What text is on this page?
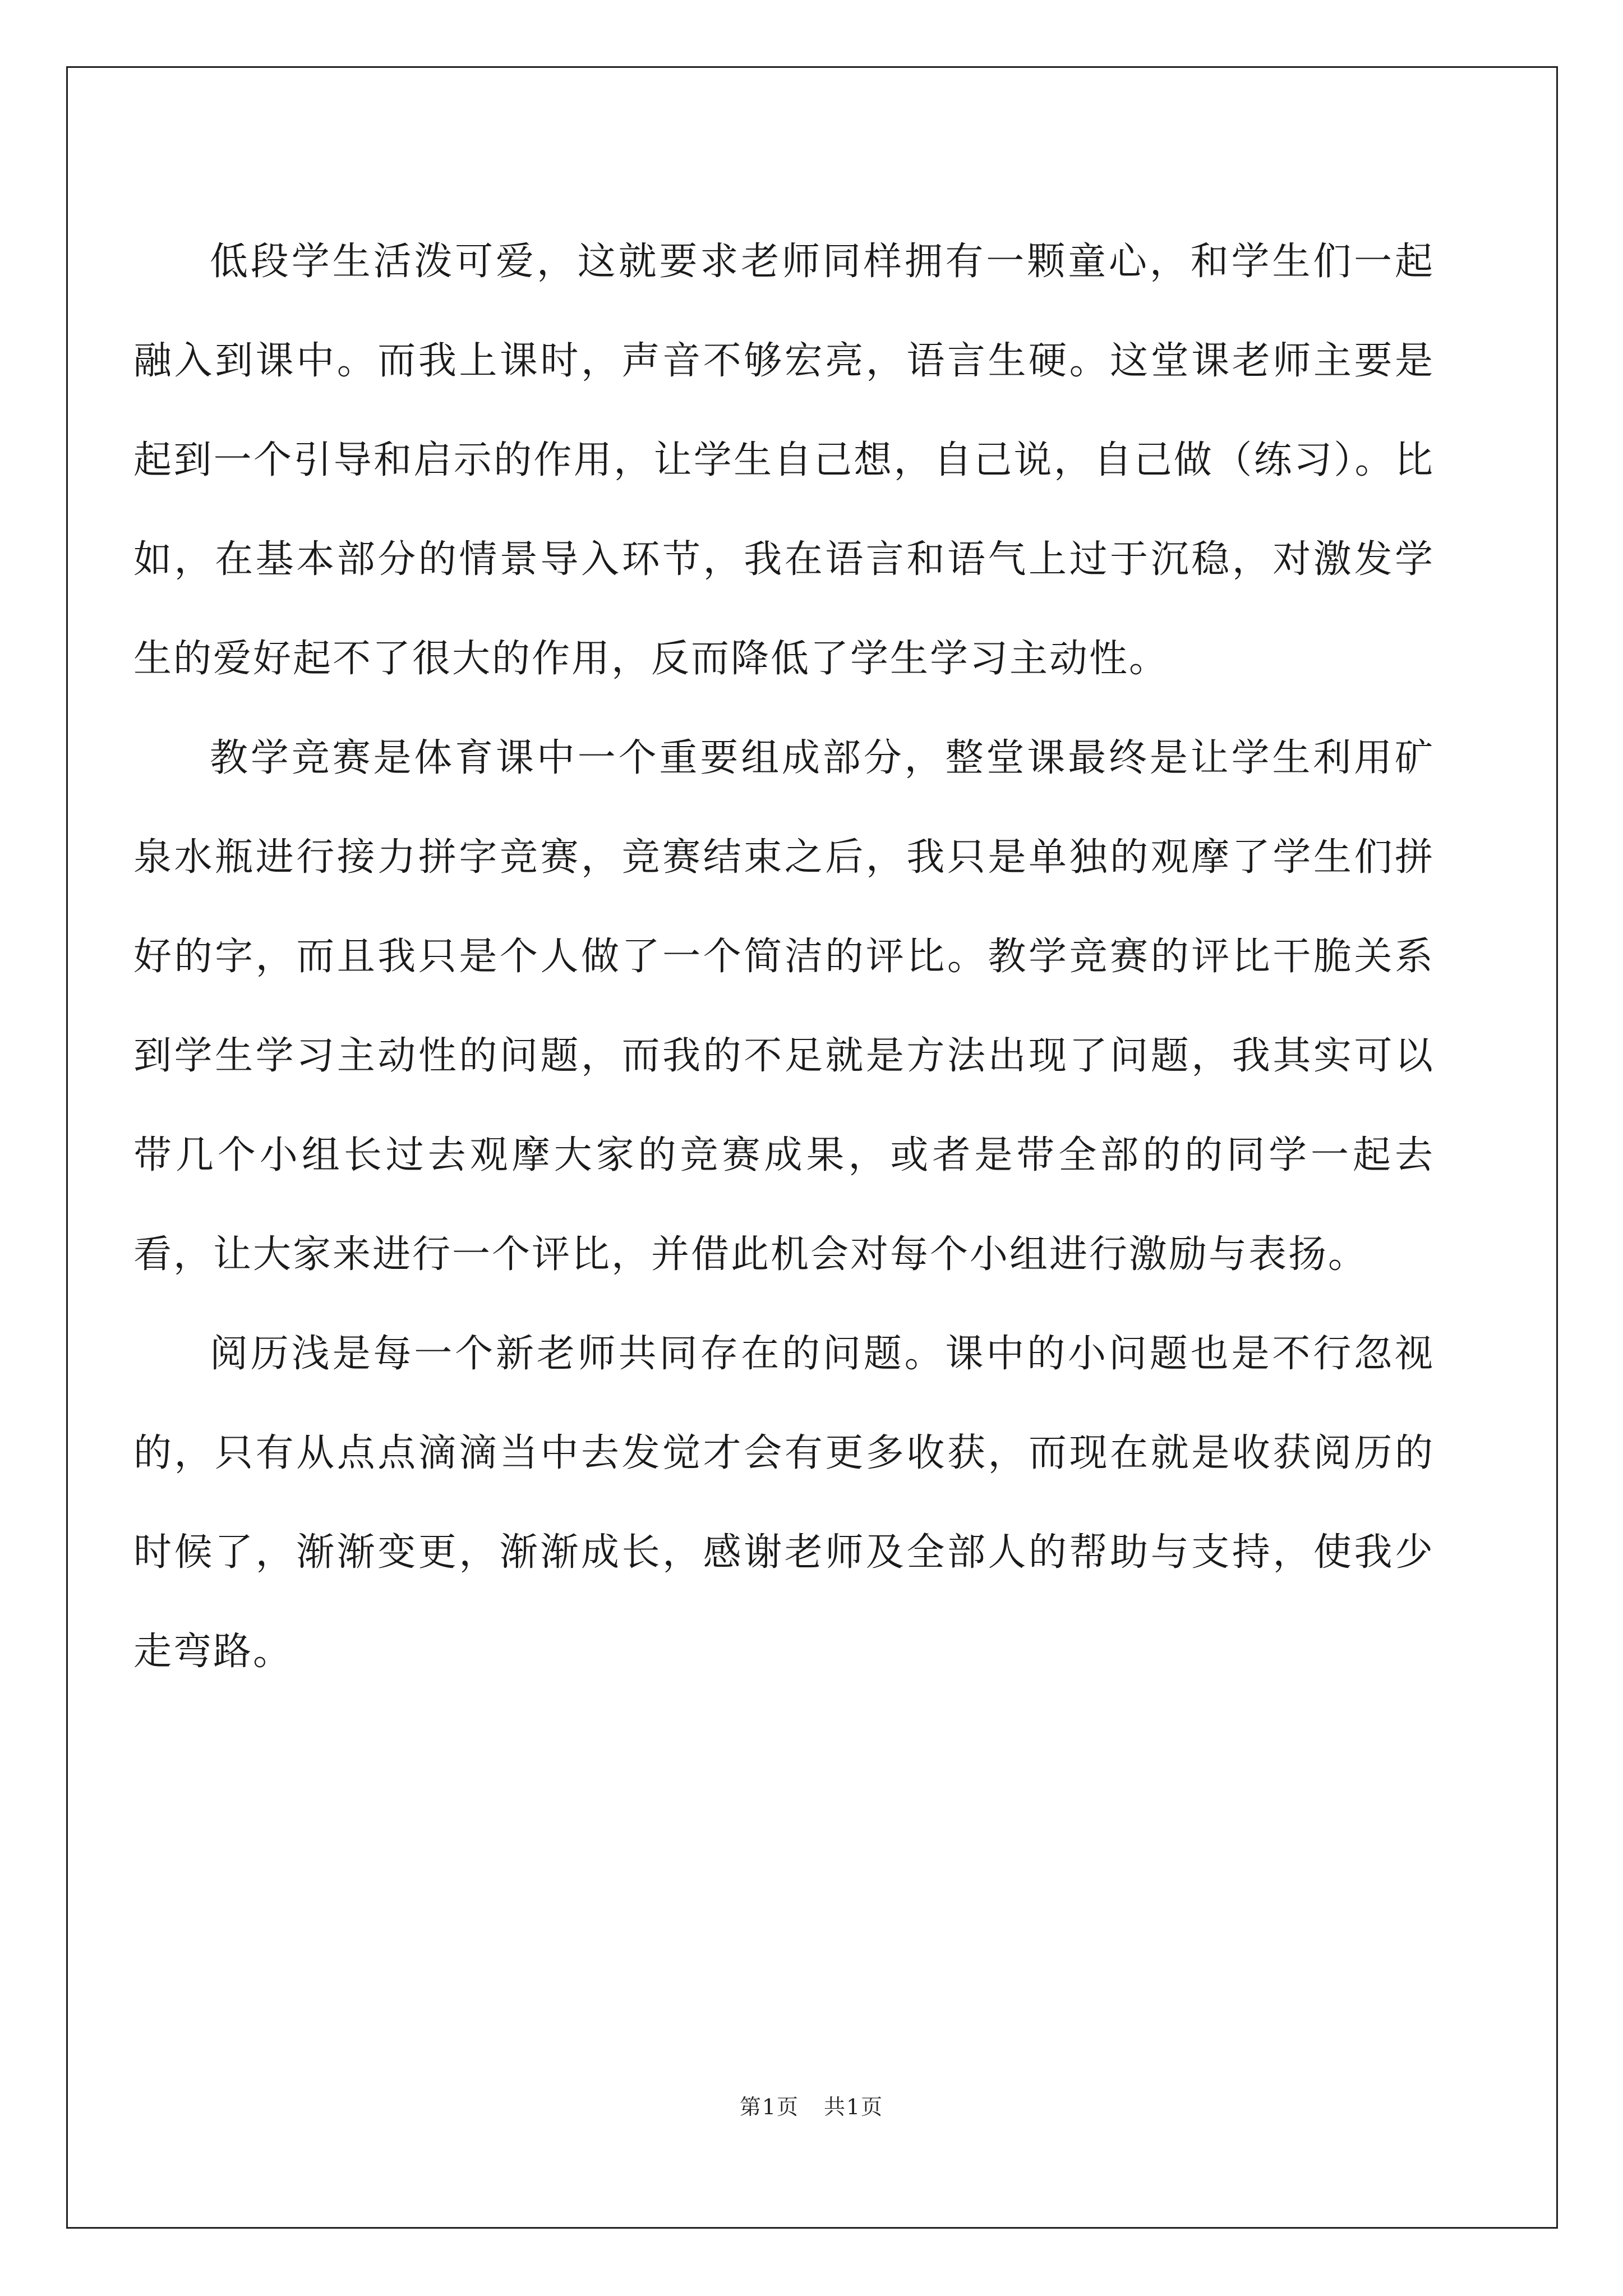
低段学生活泼可爱，这就要求老师同样拥有一颗童心，和学生们一起融入到课中。而我上课时，声音不够宏亮，语言生硬。这堂课老师主要是起到一个引导和启示的作用，让学生自己想，自己说，自己做（练习）。比如，在基本部分的情景导入环节，我在语言和语气上过于沉稳，对激发学生的爱好起不了很大的作用，反而降低了学生学习主动性。

教学竞赛是体育课中一个重要组成部分，整堂课最终是让学生利用矿泉水瓶进行接力拼字竞赛，竞赛结束之后，我只是单独的观摩了学生们拼好的字，而且我只是个人做了一个简洁的评比。教学竞赛的评比干脆关系到学生学习主动性的问题，而我的不足就是方法出现了问题，我其实可以带几个小组长过去观摩大家的竞赛成果，或者是带全部的的同学一起去看，让大家来进行一个评比，并借此机会对每个小组进行激励与表扬。

阅历浅是每一个新老师共同存在的问题。课中的小问题也是不行忽视的，只有从点点滴滴当中去发觉才会有更多收获，而现在就是收获阅历的时候了，渐渐变更，渐渐成长，感谢老师及全部人的帮助与支持，使我少走弯路。

第1页 共1页
